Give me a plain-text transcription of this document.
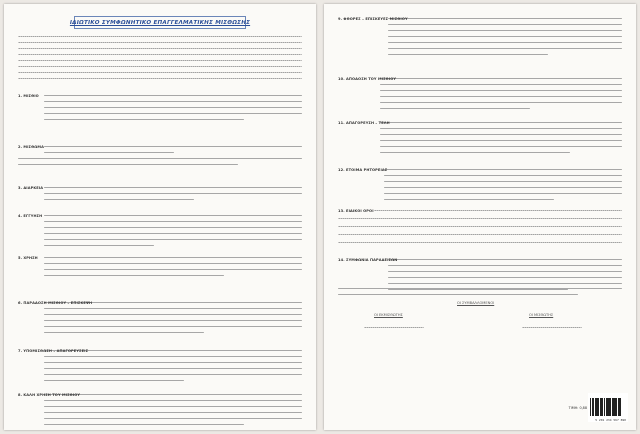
ΙΔΙΩΤΙΚΟ ΣΥΜΦΩΝΗΤΙΚΟ ΕΠΑΓΓΕΛΜΑΤΙΚΗΣ ΜΙΣΘΩΣΗΣ
1. ΜΙΣΘΙΟ
2. ΜΙΣΘΩΜΑ
3. ΔΙΑΡΚΕΙΑ
4. ΕΓΓΥΗΣΗ
5. ΧΡΗΣΗ
6. ΠΑΡΑΔΟΣΗ ΜΙΣΘΙΟΥ – ΕΠΙΣΚΕΨΗ
7. ΥΠΟΜΙΣΘΩΣΗ – ΑΠΑΓΟΡΕΥΣΕΙΣ
8. ΚΑΛΗ ΧΡΗΣΗ ΤΟΥ ΜΙΣΘΙΟΥ
9. ΦΘΟΡΕΣ – ΕΠΙΣΚΕΥΕΣ ΜΙΣΘΙΟΥ
10. ΑΠΟΔΟΣΗ ΤΟΥ ΜΙΣΘΙΟΥ
11. ΑΠΑΓΟΡΕΥΣΗ – ΤΕΛΗ
12. ΕΤΟΙΜΑ ΡΗΤΟΡΕΙΑΣ
13. ΕΙΔΙΚΟΙ ΟΡΟΙ
14. ΣΥΜΦΩΝΙΑ ΠΑΡΑΔΕΙΣΩΝ
ΟΙ ΣΥΜΒΑΛΛΟΜΕΝΟΙ
ΟΙ ΕΚΜΙΣΘΩΤΗΣ	ΟΙ ΜΙΣΘΩΤΗΣ
ΤΙΜΗ: 0,88
5 201 234 567 890
